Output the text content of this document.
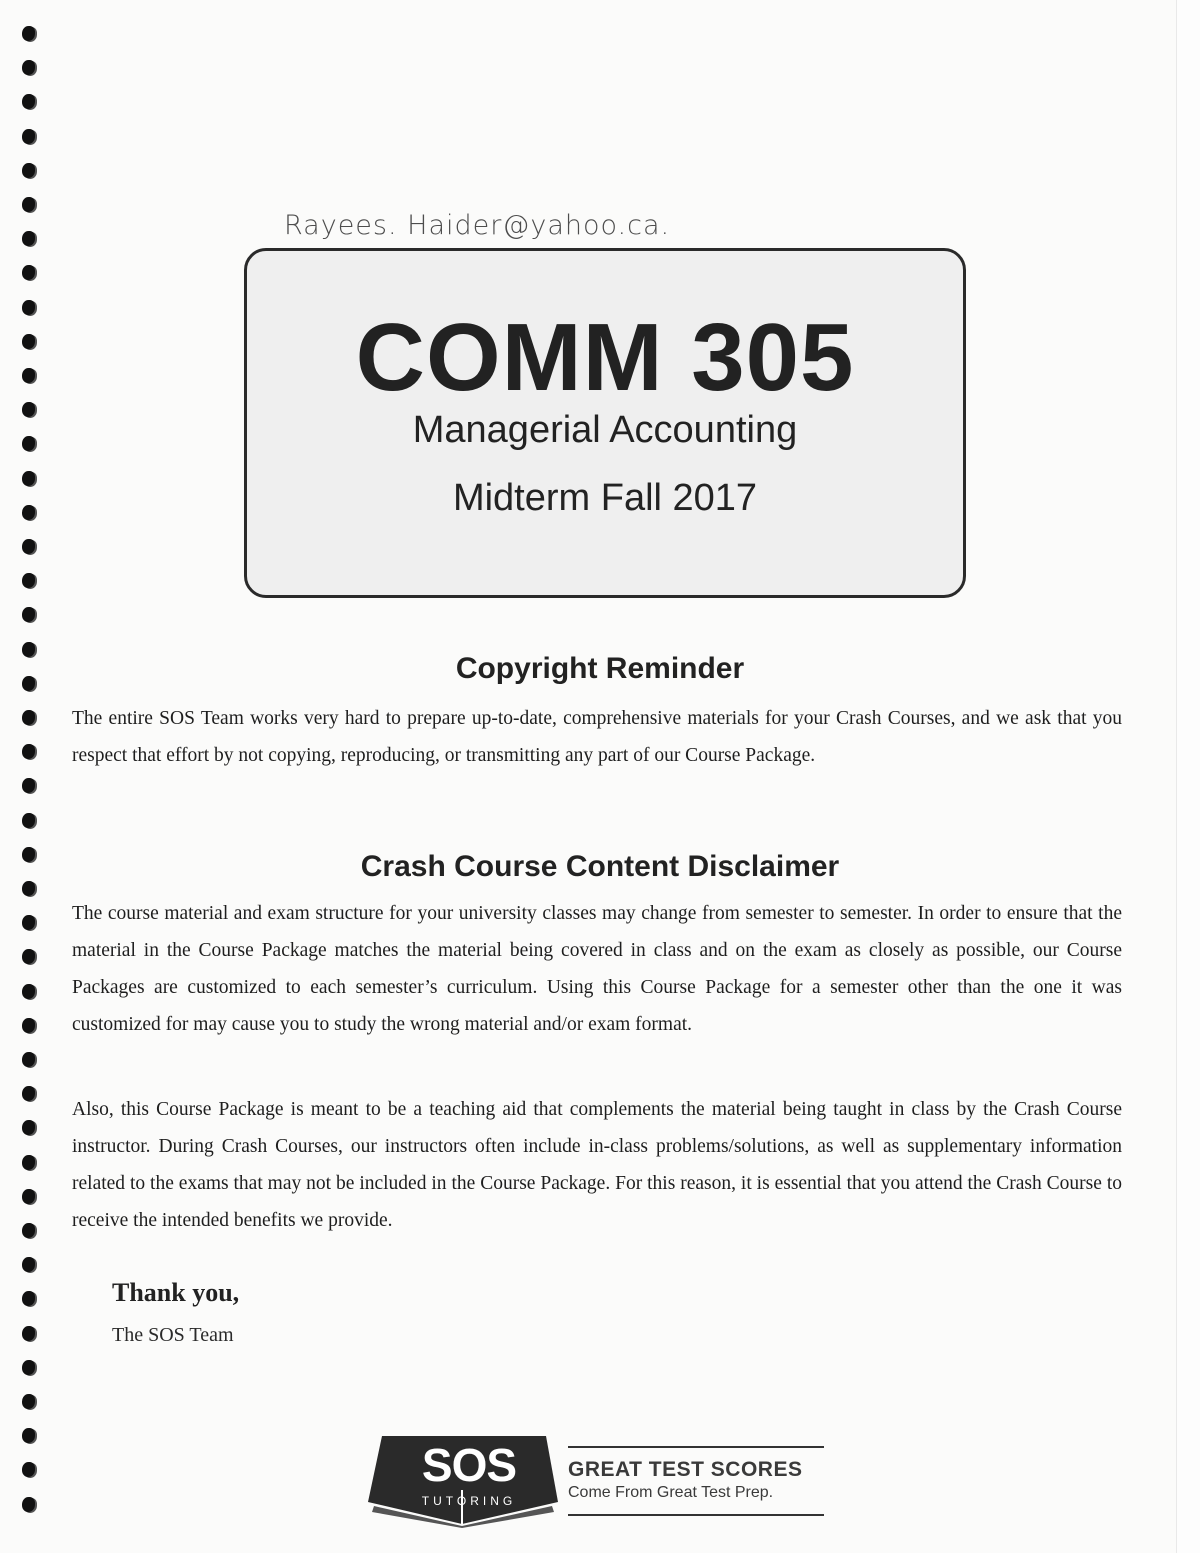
Rayees. Haider@yahoo.ca.
COMM 305
Managerial Accounting
Midterm Fall 2017
Copyright Reminder
The entire SOS Team works very hard to prepare up-to-date, comprehensive materials for your Crash Courses, and we ask that you respect that effort by not copying, reproducing, or transmitting any part of our Course Package.
Crash Course Content Disclaimer
The course material and exam structure for your university classes may change from semester to semester. In order to ensure that the material in the Course Package matches the material being covered in class and on the exam as closely as possible, our Course Packages are customized to each semester’s curriculum. Using this Course Package for a semester other than the one it was customized for may cause you to study the wrong material and/or exam format.
Also, this Course Package is meant to be a teaching aid that complements the material being taught in class by the Crash Course instructor. During Crash Courses, our instructors often include in-class problems/solutions, as well as supplementary information related to the exams that may not be included in the Course Package. For this reason, it is essential that you attend the Crash Course to receive the intended benefits we provide.
Thank you,
The SOS Team
SOS
TUTORING
GREAT TEST SCORES
Come From Great Test Prep.
